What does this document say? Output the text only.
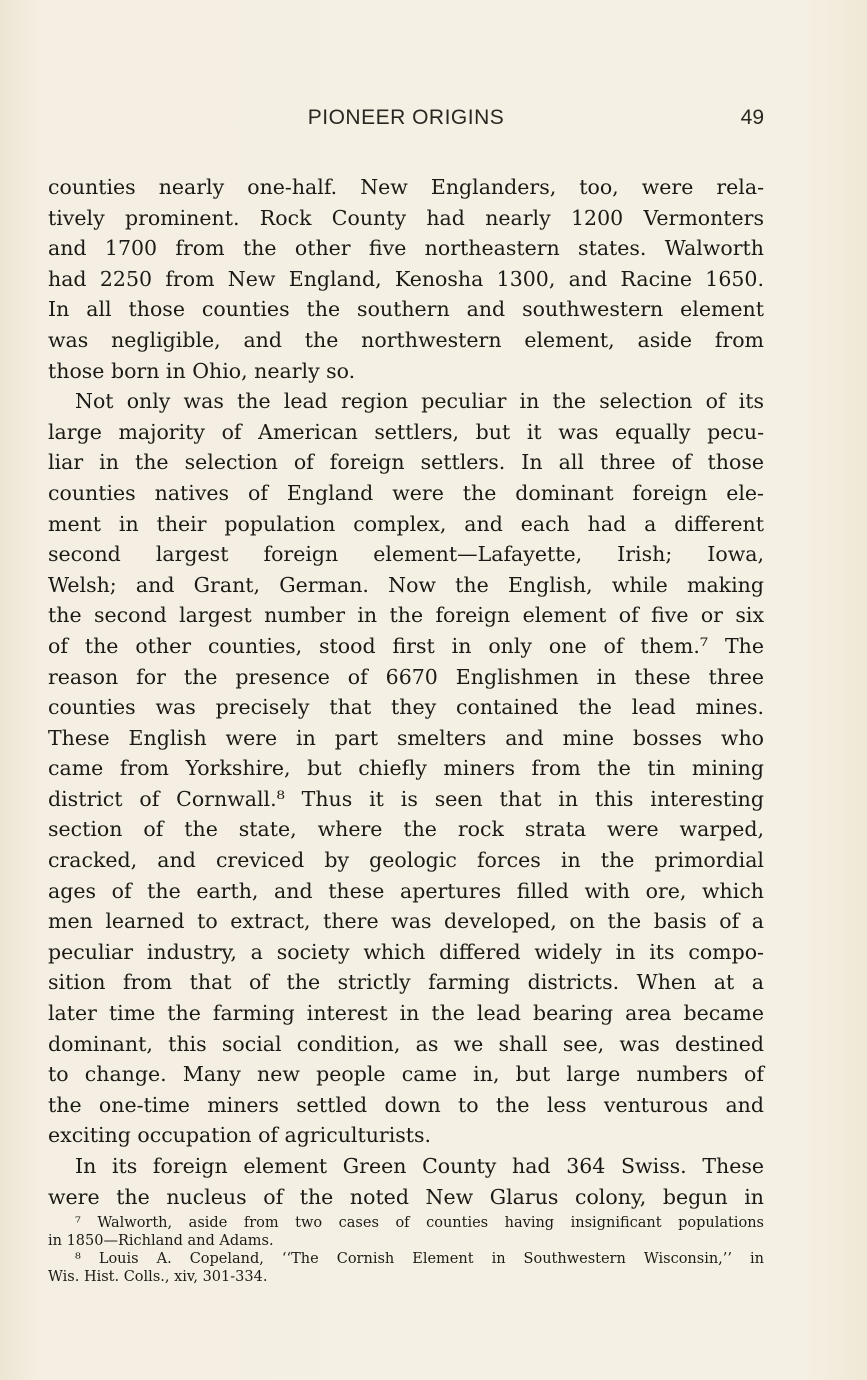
PIONEER ORIGINS	49
counties nearly one-half. New Englanders, too, were rela-
tively prominent. Rock County had nearly 1200 Vermonters
and 1700 from the other five northeastern states. Walworth
had 2250 from New England, Kenosha 1300, and Racine 1650.
In all those counties the southern and southwestern element
was negligible, and the northwestern element, aside from
those born in Ohio, nearly so.
Not only was the lead region peculiar in the selection of its
large majority of American settlers, but it was equally pecu-
liar in the selection of foreign settlers. In all three of those
counties natives of England were the dominant foreign ele-
ment in their population complex, and each had a different
second largest foreign element—Lafayette, Irish; Iowa,
Welsh; and Grant, German. Now the English, while making
the second largest number in the foreign element of five or six
of the other counties, stood first in only one of them.⁷ The
reason for the presence of 6670 Englishmen in these three
counties was precisely that they contained the lead mines.
These English were in part smelters and mine bosses who
came from Yorkshire, but chiefly miners from the tin mining
district of Cornwall.⁸ Thus it is seen that in this interesting
section of the state, where the rock strata were warped,
cracked, and creviced by geologic forces in the primordial
ages of the earth, and these apertures filled with ore, which
men learned to extract, there was developed, on the basis of a
peculiar industry, a society which differed widely in its compo-
sition from that of the strictly farming districts. When at a
later time the farming interest in the lead bearing area became
dominant, this social condition, as we shall see, was destined
to change. Many new people came in, but large numbers of
the one-time miners settled down to the less venturous and
exciting occupation of agriculturists.
In its foreign element Green County had 364 Swiss. These
were the nucleus of the noted New Glarus colony, begun in
⁷ Walworth, aside from two cases of counties having insignificant populations
in 1850—Richland and Adams.
⁸ Louis A. Copeland, ‘‘The Cornish Element in Southwestern Wisconsin,’’ in
Wis. Hist. Colls., xiv, 301-334.
